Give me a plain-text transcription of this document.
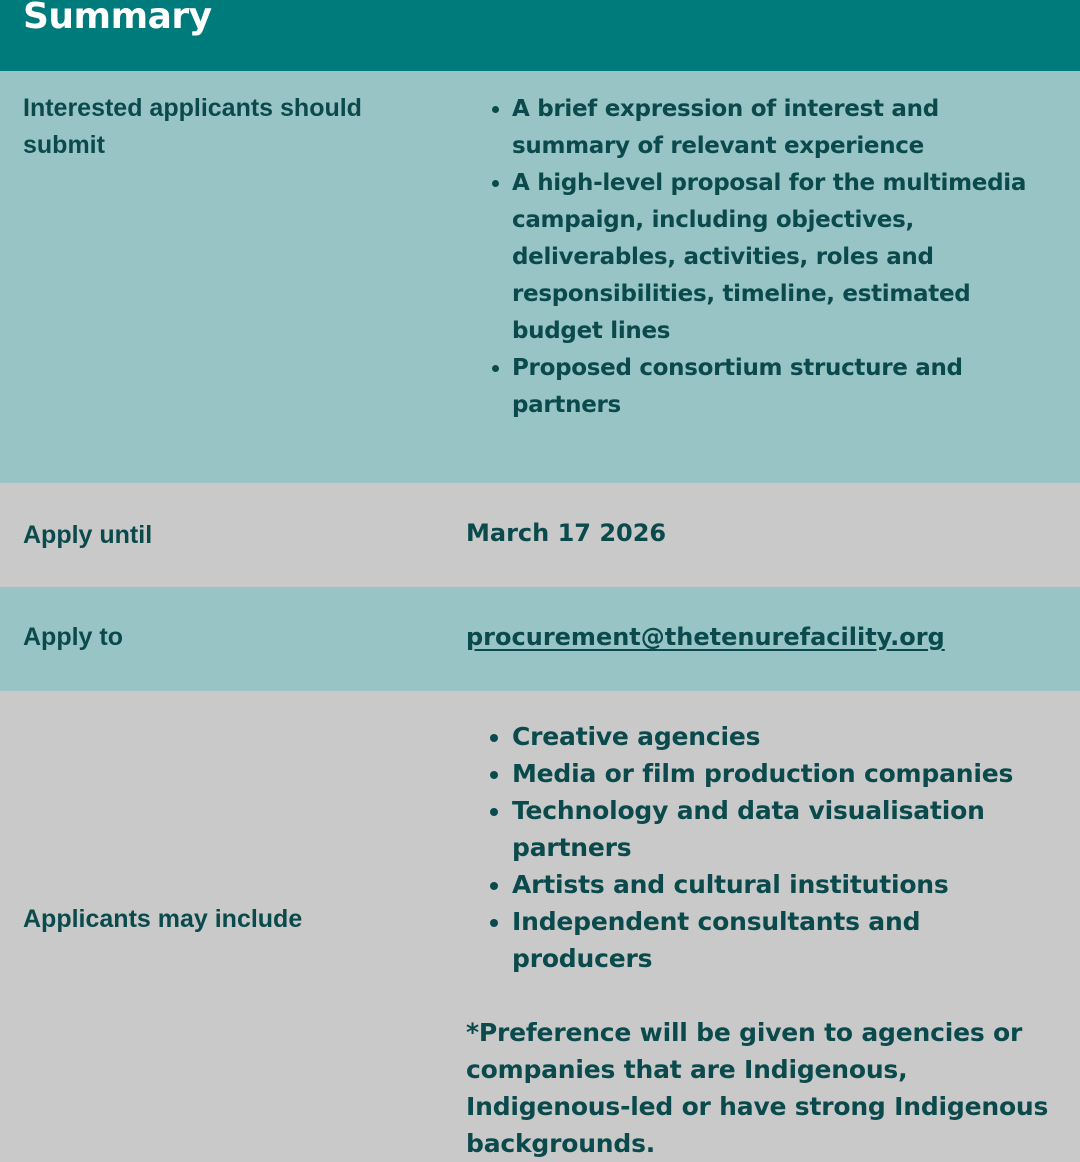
Summary
Interested applicants should submit
• A brief expression of interest and summary of relevant experience
• A high-level proposal for the multimedia campaign, including objectives, deliverables, activities, roles and responsibilities, timeline, estimated budget lines
• Proposed consortium structure and partners
Apply until	March 17 2026
Apply to	procurement@thetenurefacility.org
Applicants may include
• Creative agencies
• Media or film production companies
• Technology and data visualisation partners
• Artists and cultural institutions
• Independent consultants and producers
*Preference will be given to agencies or companies that are Indigenous, Indigenous-led or have strong Indigenous backgrounds.
